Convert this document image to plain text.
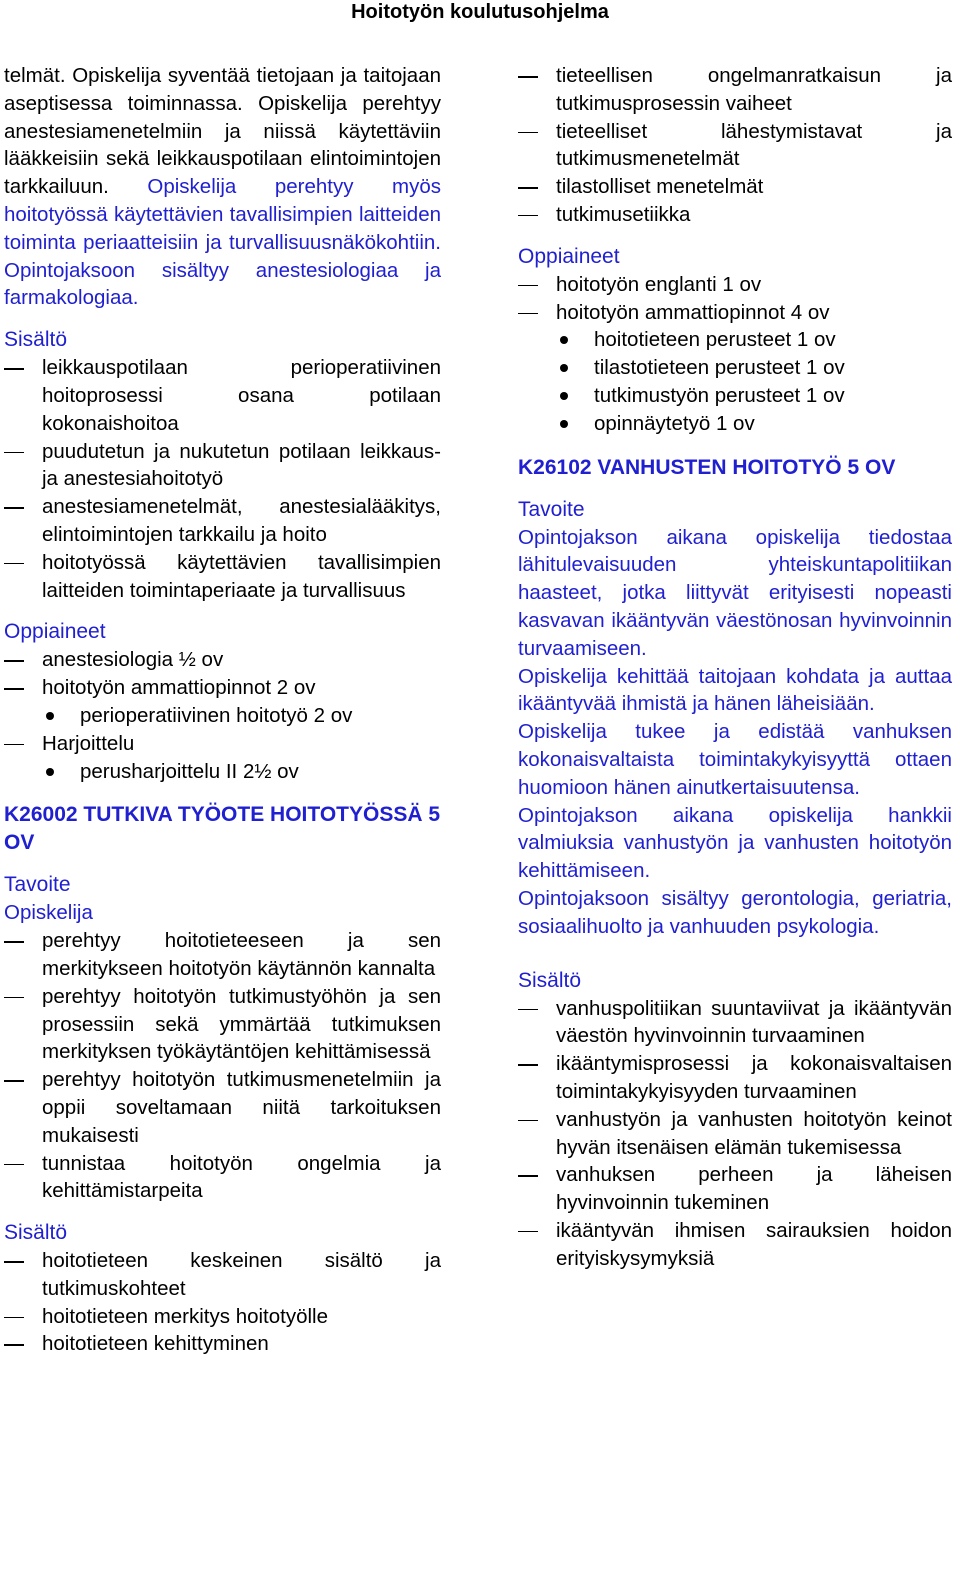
Hoitotyön koulutusohjelma

telmät. Opiskelija syventää tietojaan ja taitojaan aseptisessa toiminnassa. Opiskelija perehtyy anestesiamenetelmiin ja niissä käytettäviin lääkkeisiin sekä leikkauspotilaan elintoimintojen tarkkailuun. Opiskelija perehtyy myös hoitotyössä käytettävien tavallisimpien laitteiden toiminta periaatteisiin ja turvallisuusnäkökohtiin. Opintojaksoon sisältyy anestesiologiaa ja farmakologiaa.

Sisältö
leikkauspotilaan perioperatiivinen hoitoprosessi osana potilaan kokonaishoitoa
puudutetun ja nukutetun potilaan leikkaus- ja anestesiahoitotyö
anestesiamenetelmät, anestesialääkitys, elintoimintojen tarkkailu ja hoito
hoitotyössä käytettävien tavallisimpien laitteiden toimintaperiaate ja turvallisuus
Oppiaineet
anestesiologia ½ ov
hoitotyön ammattiopinnot 2 ov
perioperatiivinen hoitotyö 2 ov
Harjoittelu
perusharjoittelu II 2½ ov
K26002 TUTKIVA TYÖOTE HOITOTYÖSSÄ 5 OV
Tavoite
Opiskelija
perehtyy hoitotieteeseen ja sen merkitykseen hoitotyön käytännön kannalta
perehtyy hoitotyön tutkimustyöhön ja sen prosessiin sekä ymmärtää tutkimuksen merkityksen työkäytäntöjen kehittämisessä
perehtyy hoitotyön tutkimusmenetelmiin ja oppii soveltamaan niitä tarkoituksen mukaisesti
tunnistaa hoitotyön ongelmia ja kehittämistarpeita
Sisältö
hoitotieteen keskeinen sisältö ja tutkimuskohteet
hoitotieteen merkitys hoitotyölle
hoitotieteen kehittyminen
tieteellisen ongelmanratkaisun ja tutkimusprosessin vaiheet
tieteelliset lähestymistavat ja tutkimusmenetelmät
tilastolliset menetelmät
tutkimusetiikka
Oppiaineet
hoitotyön englanti 1 ov
hoitotyön ammattiopinnot 4 ov
hoitotieteen perusteet 1 ov
tilastotieteen perusteet 1 ov
tutkimustyön perusteet 1 ov
opinnäytetyö 1 ov
K26102 VANHUSTEN HOITOTYÖ 5 OV
Tavoite

Opintojakson aikana opiskelija tiedostaa lähitulevaisuuden yhteiskuntapolitiikan haasteet, jotka liittyvät erityisesti nopeasti kasvavan ikääntyvän väestönosan hyvinvoinnin turvaamiseen.

Opiskelija kehittää taitojaan kohdata ja auttaa ikääntyvää ihmistä ja hänen läheisiään.

Opiskelija tukee ja edistää vanhuksen kokonaisvaltaista toimintakykyisyyttä ottaen huomioon hänen ainutkertaisuutensa.

Opintojakson aikana opiskelija hankkii valmiuksia vanhustyön ja vanhusten hoitotyön kehittämiseen.

Opintojaksoon sisältyy gerontologia, geriatria, sosiaalihuolto ja vanhuuden psykologia.

Sisältö
vanhuspolitiikan suuntaviivat ja ikääntyvän väestön hyvinvoinnin turvaaminen
ikääntymisprosessi ja kokonaisvaltaisen toimintakykyisyyden turvaaminen
vanhustyön ja vanhusten hoitotyön keinot hyvän itsenäisen elämän tukemisessa
vanhuksen perheen ja läheisen hyvinvoinnin tukeminen
ikääntyvän ihmisen sairauksien hoidon erityiskysymyksiä
